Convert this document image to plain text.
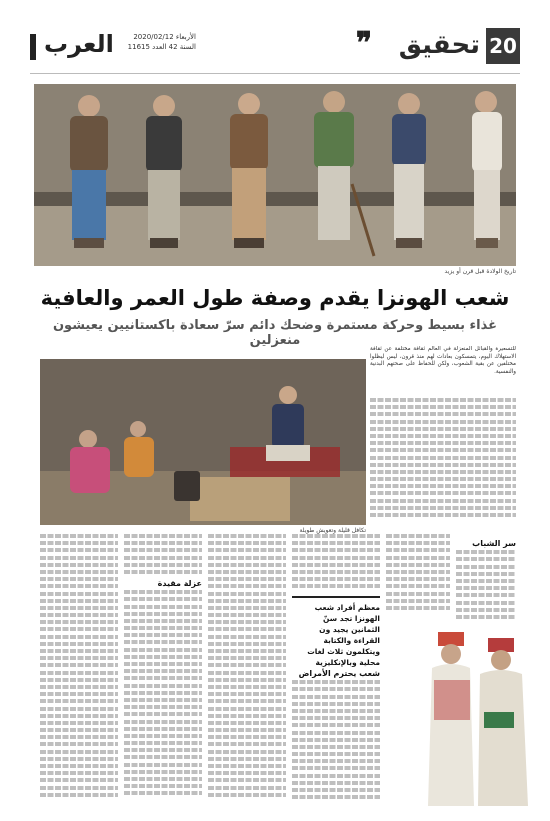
20
تحقيق
❞
الأربعاء 2020/02/12
السنة 42 العدد 11615
العرب
تاريخ الولادة قبل قرن أو يزيد
شعب الهونزا يقدم وصفة طول العمر والعافية
غذاء بسيط وحركة مستمرة وضحك دائم سرّ سعادة باكستانيين يعيشون منعزلين
للتسعيرة والقبائل المنعزلة في العالم ثقافة مختلفة عن ثقافة الاستهلاك اليوم، يتمسكون بعادات لهم منذ قرون، ليس ليظلوا مختلفين عن بقية الشعوب، ولكن للحفاظ على صحتهم البدنية والنفسية.
تكافل قليلة وتعويش طويلة
سر الشباب
معظم أفراد شعب الهونزا تجد سنّ الثمانين يجيد ون القراءة والكتابة ويتكلمون ثلاث لغات محلية وبالإنكليزية
شعب يحترم الأمراض
عزلة مقيدة
